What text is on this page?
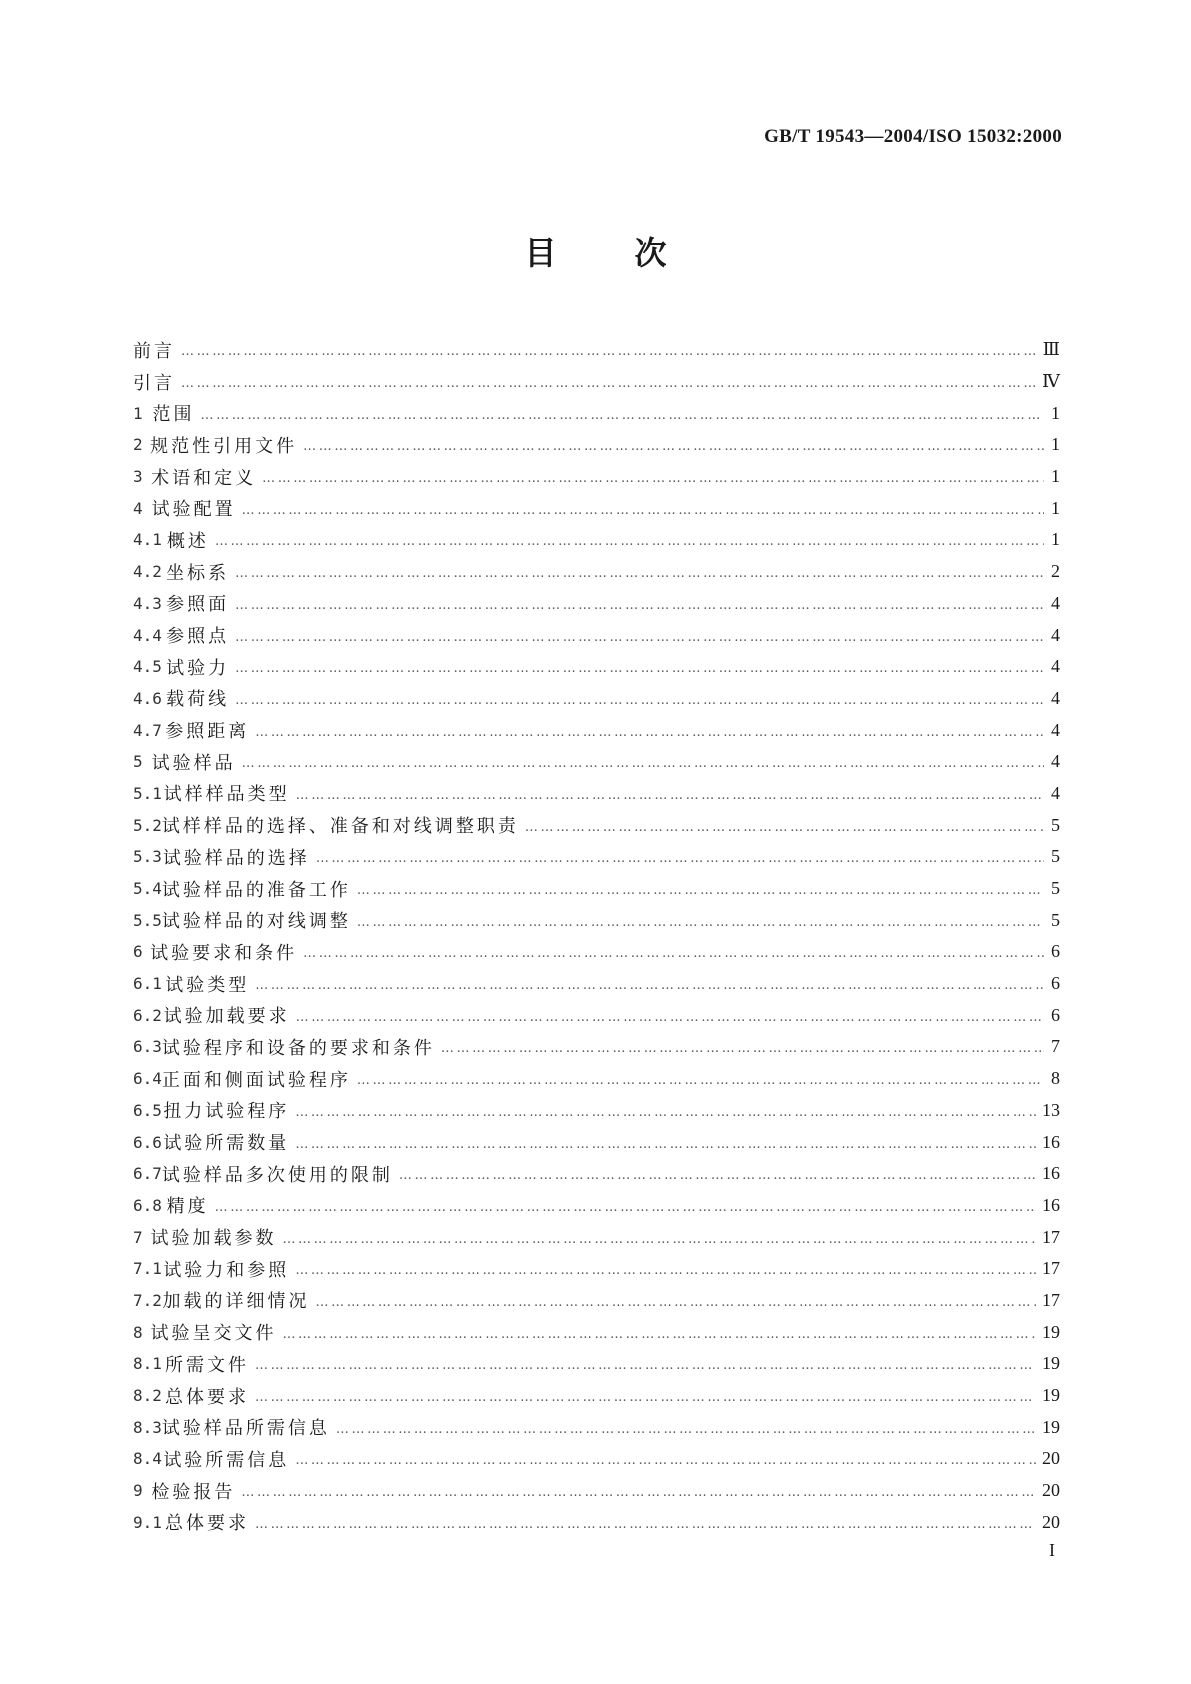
GB/T 19543—2004/ISO 15032:2000
目 次
前言 ……………………………………………………………………………………………………………………………………………………………………………………………………………………………	Ⅲ
引言 ……………………………………………………………………………………………………………………………………………………………………………………………………………………………	Ⅳ
1 范围 ……………………………………………………………………………………………………………………………………………………………………………………………………………………………	1
2 规范性引用文件 ……………………………………………………………………………………………………………………………………………………………………………………………………………………………	1
3 术语和定义 ……………………………………………………………………………………………………………………………………………………………………………………………………………………………	1
4 试验配置 ……………………………………………………………………………………………………………………………………………………………………………………………………………………………	1
4.1 概述 ……………………………………………………………………………………………………………………………………………………………………………………………………………………………	1
4.2 坐标系 ……………………………………………………………………………………………………………………………………………………………………………………………………………………………	2
4.3 参照面 ……………………………………………………………………………………………………………………………………………………………………………………………………………………………	4
4.4 参照点 ……………………………………………………………………………………………………………………………………………………………………………………………………………………………	4
4.5 试验力 ……………………………………………………………………………………………………………………………………………………………………………………………………………………………	4
4.6 载荷线 ……………………………………………………………………………………………………………………………………………………………………………………………………………………………	4
4.7 参照距离 ……………………………………………………………………………………………………………………………………………………………………………………………………………………………	4
5 试验样品 ……………………………………………………………………………………………………………………………………………………………………………………………………………………………	4
5.1 试样样品类型 ……………………………………………………………………………………………………………………………………………………………………………………………………………………………	4
5.2 试样样品的选择、准备和对线调整职责 ……………………………………………………………………………………………………………………………………………………………………………………………………………………………	5
5.3 试验样品的选择 ……………………………………………………………………………………………………………………………………………………………………………………………………………………………	5
5.4 试验样品的准备工作 ……………………………………………………………………………………………………………………………………………………………………………………………………………………………	5
5.5 试验样品的对线调整 ……………………………………………………………………………………………………………………………………………………………………………………………………………………………	5
6 试验要求和条件 ……………………………………………………………………………………………………………………………………………………………………………………………………………………………	6
6.1 试验类型 ……………………………………………………………………………………………………………………………………………………………………………………………………………………………	6
6.2 试验加载要求 ……………………………………………………………………………………………………………………………………………………………………………………………………………………………	6
6.3 试验程序和设备的要求和条件 ……………………………………………………………………………………………………………………………………………………………………………………………………………………………	7
6.4 正面和侧面试验程序 ……………………………………………………………………………………………………………………………………………………………………………………………………………………………	8
6.5 扭力试验程序 ……………………………………………………………………………………………………………………………………………………………………………………………………………………………	13
6.6 试验所需数量 ……………………………………………………………………………………………………………………………………………………………………………………………………………………………	16
6.7 试验样品多次使用的限制 ……………………………………………………………………………………………………………………………………………………………………………………………………………………………	16
6.8 精度 ……………………………………………………………………………………………………………………………………………………………………………………………………………………………	16
7 试验加载参数 ……………………………………………………………………………………………………………………………………………………………………………………………………………………………	17
7.1 试验力和参照 ……………………………………………………………………………………………………………………………………………………………………………………………………………………………	17
7.2 加载的详细情况 ……………………………………………………………………………………………………………………………………………………………………………………………………………………………	17
8 试验呈交文件 ……………………………………………………………………………………………………………………………………………………………………………………………………………………………	19
8.1 所需文件 ……………………………………………………………………………………………………………………………………………………………………………………………………………………………	19
8.2 总体要求 ……………………………………………………………………………………………………………………………………………………………………………………………………………………………	19
8.3 试验样品所需信息 ……………………………………………………………………………………………………………………………………………………………………………………………………………………………	19
8.4 试验所需信息 ……………………………………………………………………………………………………………………………………………………………………………………………………………………………	20
9 检验报告 ……………………………………………………………………………………………………………………………………………………………………………………………………………………………	20
9.1 总体要求 ……………………………………………………………………………………………………………………………………………………………………………………………………………………………	20
I
